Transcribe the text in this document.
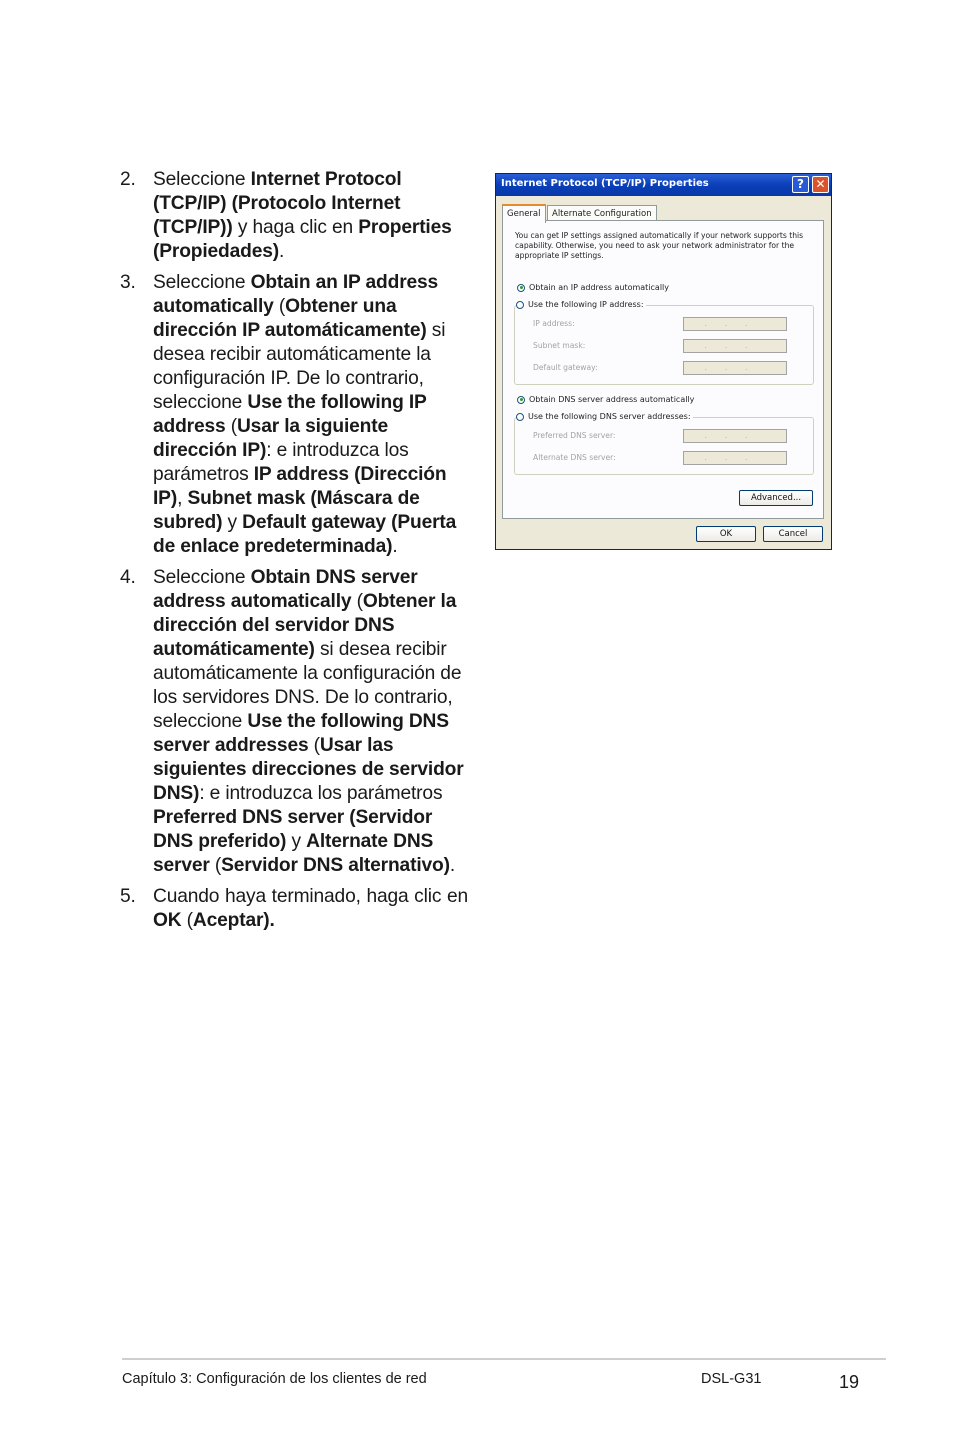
2. Seleccione Internet Protocol (TCP/IP) (Protocolo Internet (TCP/IP)) y haga clic en Properties (Propiedades).
3. Seleccione Obtain an IP address automatically (Obtener una dirección IP automáticamente) si desea recibir automáticamente la configuración IP. De lo contrario, seleccione Use the following IP address (Usar la siguiente dirección IP): e introduzca los parámetros IP address (Dirección IP), Subnet mask (Máscara de subred) y Default gateway (Puerta de enlace predeterminada).
4. Seleccione Obtain DNS server address automatically (Obtener la dirección del servidor DNS automáticamente) si desea recibir automáticamente la configuración de los servidores DNS. De lo contrario, seleccione Use the following DNS server addresses (Usar las siguientes direcciones de servidor DNS): e introduzca los parámetros Preferred DNS server (Servidor DNS preferido) y Alternate DNS server (Servidor DNS alternativo).
5. Cuando haya terminado, haga clic en OK (Aceptar).
Internet Protocol (TCP/IP) Properties	? ✕
General	Alternate Configuration
You can get IP settings assigned automatically if your network supports this capability. Otherwise, you need to ask your network administrator for the appropriate IP settings.
Obtain an IP address automatically
IP address:	...
Subnet mask:	...
Default gateway:	...
Use the following IP address:
Obtain DNS server address automatically
Preferred DNS server:	...
Alternate DNS server:	...
Use the following DNS server addresses:
Advanced...
OK	Cancel
Capítulo 3: Configuración de los clientes de red	DSL-G31	19
